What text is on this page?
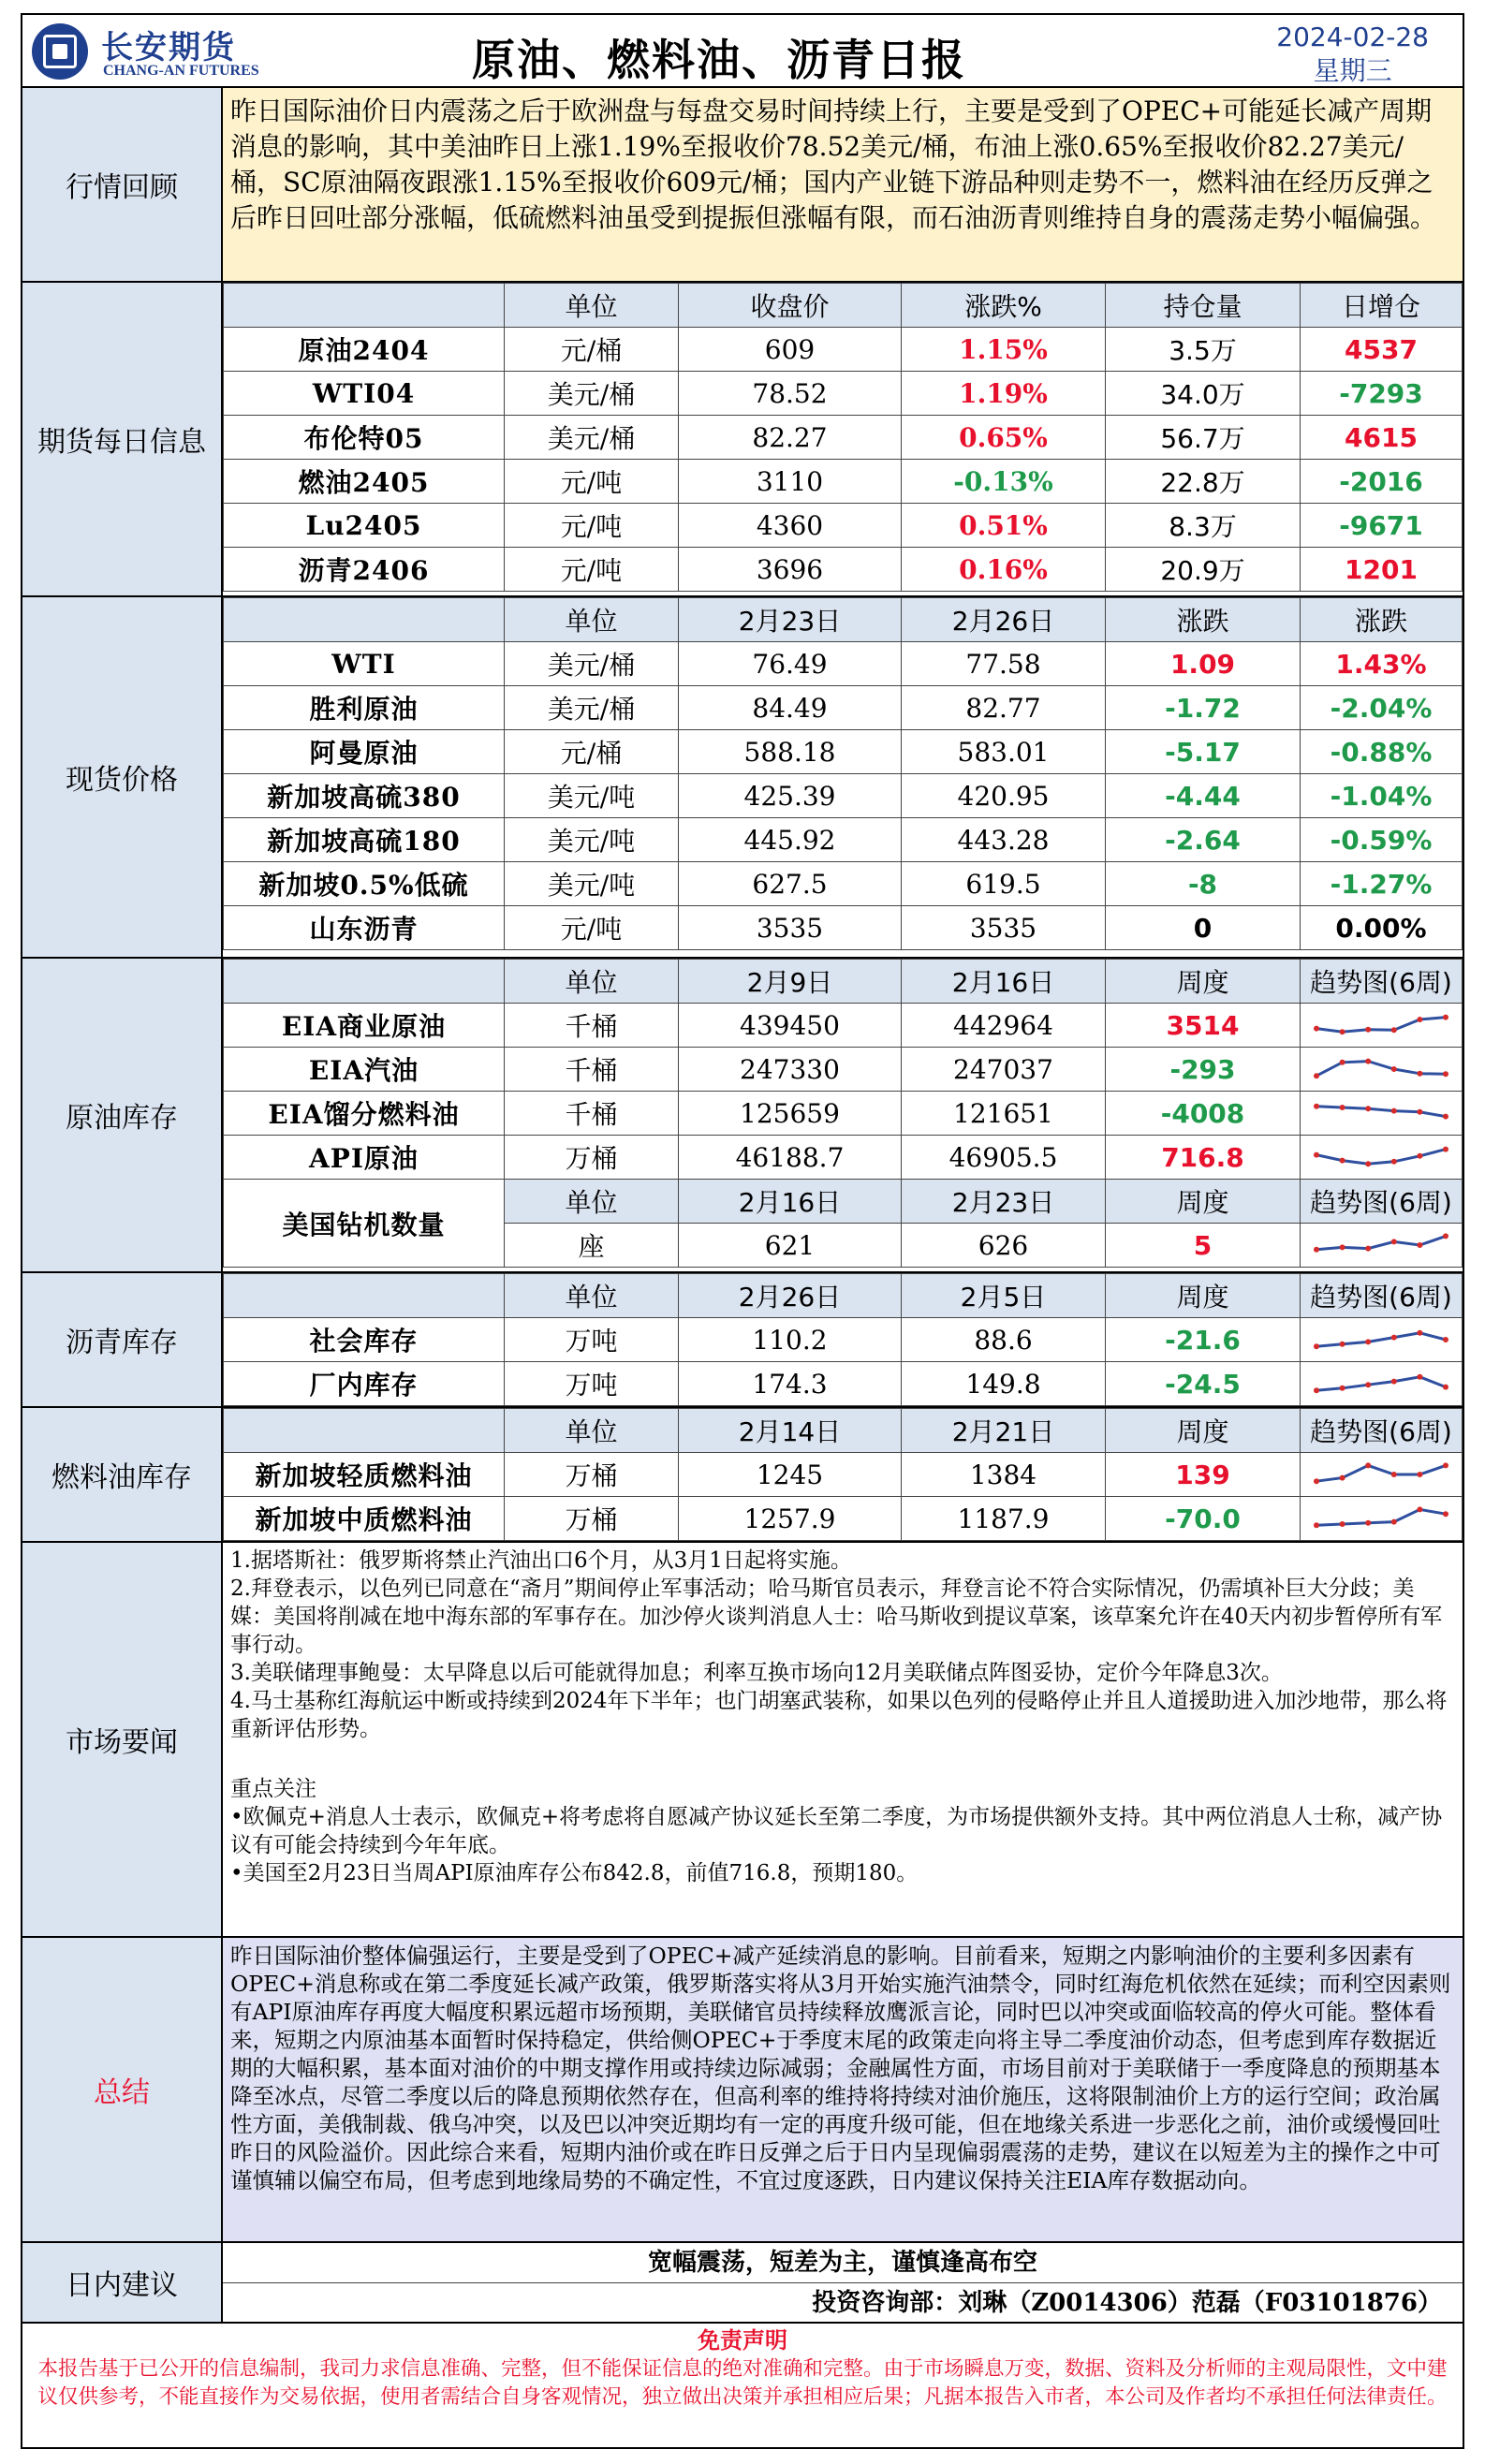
长安期货
CHANG-AN FUTURES	原油、燃料油、沥青日报	2024-02-28
星期三
行情回顾
昨日国际油价日内震荡之后于欧洲盘与每盘交易时间持续上行，主要是受到了OPEC+可能延长减产周期消息的影响，其中美油昨日上涨1.19%至报收价78.52美元/桶，布油上涨0.65%至报收价82.27美元/桶，SC原油隔夜跟涨1.15%至报收价609元/桶；国内产业链下游品种则走势不一，燃料油在经历反弹之后昨日回吐部分涨幅，低硫燃料油虽受到提振但涨幅有限，而石油沥青则维持自身的震荡走势小幅偏强。
期货每日信息
	单位	收盘价	涨跌%	持仓量	日增仓
原油2404	元/桶	609	1.15%	3.5万	4537
WTI04	美元/桶	78.52	1.19%	34.0万	-7293
布伦特05	美元/桶	82.27	0.65%	56.7万	4615
燃油2405	元/吨	3110	-0.13%	22.8万	-2016
Lu2405	元/吨	4360	0.51%	8.3万	-9671
沥青2406	元/吨	3696	0.16%	20.9万	1201
现货价格
	单位	2月23日	2月26日	涨跌	涨跌
WTI	美元/桶	76.49	77.58	1.09	1.43%
胜利原油	美元/桶	84.49	82.77	-1.72	-2.04%
阿曼原油	元/桶	588.18	583.01	-5.17	-0.88%
新加坡高硫380	美元/吨	425.39	420.95	-4.44	-1.04%
新加坡高硫180	美元/吨	445.92	443.28	-2.64	-0.59%
新加坡0.5%低硫	美元/吨	627.5	619.5	-8	-1.27%
山东沥青	元/吨	3535	3535	0	0.00%
原油库存
	单位	2月9日	2月16日	周度	趋势图(6周)
EIA商业原油	千桶	439450	442964	3514	

EIA汽油	千桶	247330	247037	-293	

EIA馏分燃料油	千桶	125659	121651	-4008	

API原油	万桶	46188.7	46905.5	716.8	

美国钻机数量	单位	2月16日	2月23日	周度	趋势图(6周)
	座	621	626	5	
沥青库存
	单位	2月26日	2月5日	周度	趋势图(6周)
社会库存	万吨	110.2	88.6	-21.6	

厂内库存	万吨	174.3	149.8	-24.5	
燃料油库存
	单位	2月14日	2月21日	周度	趋势图(6周)
新加坡轻质燃料油	万桶	1245	1384	139	

新加坡中质燃料油	万桶	1257.9	1187.9	-70.0	
市场要闻
1.据塔斯社：俄罗斯将禁止汽油出口6个月，从3月1日起将实施。
2.拜登表示，以色列已同意在“斋月”期间停止军事活动；哈马斯官员表示，拜登言论不符合实际情况，仍需填补巨大分歧；美媒：美国将削减在地中海东部的军事存在。加沙停火谈判消息人士：哈马斯收到提议草案，该草案允许在40天内初步暂停所有军事行动。
3.美联储理事鲍曼：太早降息以后可能就得加息；利率互换市场向12月美联储点阵图妥协，定价今年降息3次。
4.马士基称红海航运中断或持续到2024年下半年；也门胡塞武装称，如果以色列的侵略停止并且人道援助进入加沙地带，那么将重新评估形势。
重点关注
•欧佩克+消息人士表示，欧佩克+将考虑将自愿减产协议延长至第二季度，为市场提供额外支持。其中两位消息人士称，减产协议有可能会持续到今年年底。
•美国至2月23日当周API原油库存公布842.8，前值716.8，预期180。
总结
昨日国际油价整体偏强运行，主要是受到了OPEC+减产延续消息的影响。目前看来，短期之内影响油价的主要利多因素有OPEC+消息称或在第二季度延长减产政策，俄罗斯落实将从3月开始实施汽油禁令，同时红海危机依然在延续；而利空因素则有API原油库存再度大幅度积累远超市场预期，美联储官员持续释放鹰派言论，同时巴以冲突或面临较高的停火可能。整体看来，短期之内原油基本面暂时保持稳定，供给侧OPEC+于季度末尾的政策走向将主导二季度油价动态，但考虑到库存数据近期的大幅积累，基本面对油价的中期支撑作用或持续边际减弱；金融属性方面，市场目前对于美联储于一季度降息的预期基本降至冰点，尽管二季度以后的降息预期依然存在，但高利率的维持将持续对油价施压，这将限制油价上方的运行空间；政治属性方面，美俄制裁、俄乌冲突，以及巴以冲突近期均有一定的再度升级可能，但在地缘关系进一步恶化之前，油价或缓慢回吐昨日的风险溢价。因此综合来看，短期内油价或在昨日反弹之后于日内呈现偏弱震荡的走势，建议在以短差为主的操作之中可谨慎辅以偏空布局，但考虑到地缘局势的不确定性，不宜过度逐跌，日内建议保持关注EIA库存数据动向。
日内建议
宽幅震荡，短差为主，谨慎逢高布空
投资咨询部：刘琳（Z0014306）范磊（F03101876）
免责声明
本报告基于已公开的信息编制，我司力求信息准确、完整，但不能保证信息的绝对准确和完整。由于市场瞬息万变，数据、资料及分析师的主观局限性，文中建议仅供参考，不能直接作为交易依据，使用者需结合自身客观情况，独立做出决策并承担相应后果；凡据本报告入市者，本公司及作者均不承担任何法律责任。
